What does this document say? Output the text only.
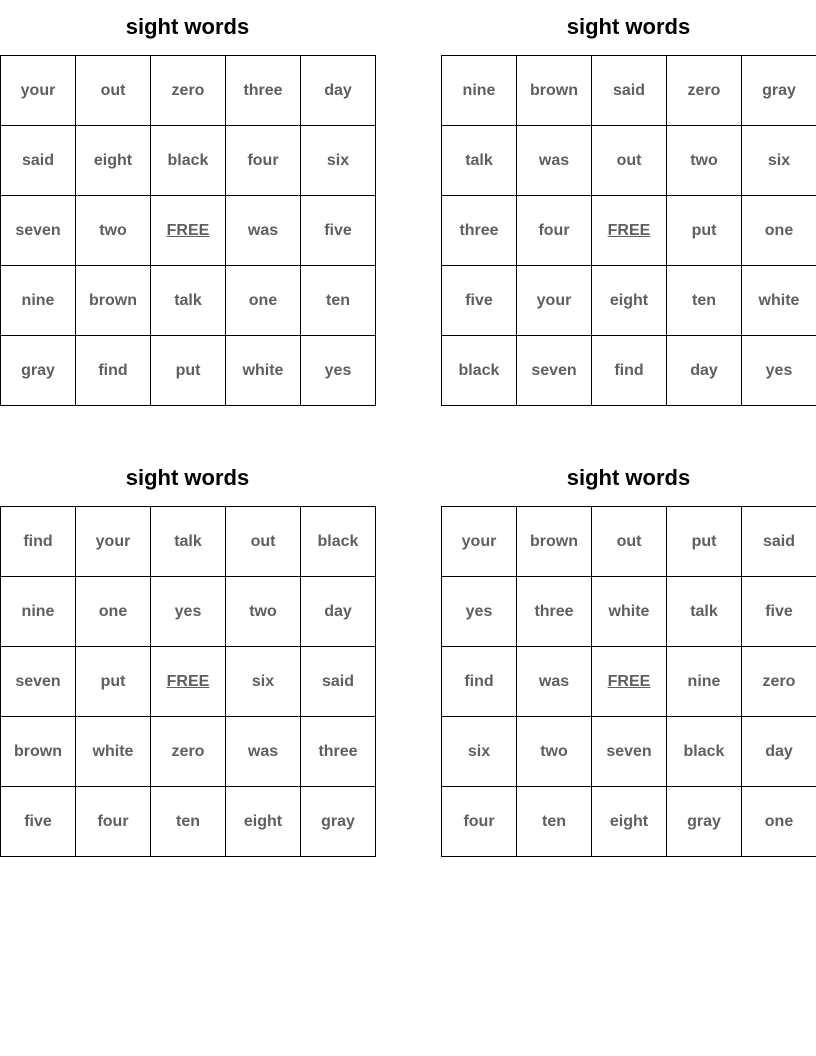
sight words
your	out	zero	three	day
said	eight	black	four	six
seven	two	FREE	was	five
nine	brown	talk	one	ten
gray	find	put	white	yes
sight words
nine	brown	said	zero	gray
talk	was	out	two	six
three	four	FREE	put	one
five	your	eight	ten	white
black	seven	find	day	yes
sight words
find	your	talk	out	black
nine	one	yes	two	day
seven	put	FREE	six	said
brown	white	zero	was	three
five	four	ten	eight	gray
sight words
your	brown	out	put	said
yes	three	white	talk	five
find	was	FREE	nine	zero
six	two	seven	black	day
four	ten	eight	gray	one
